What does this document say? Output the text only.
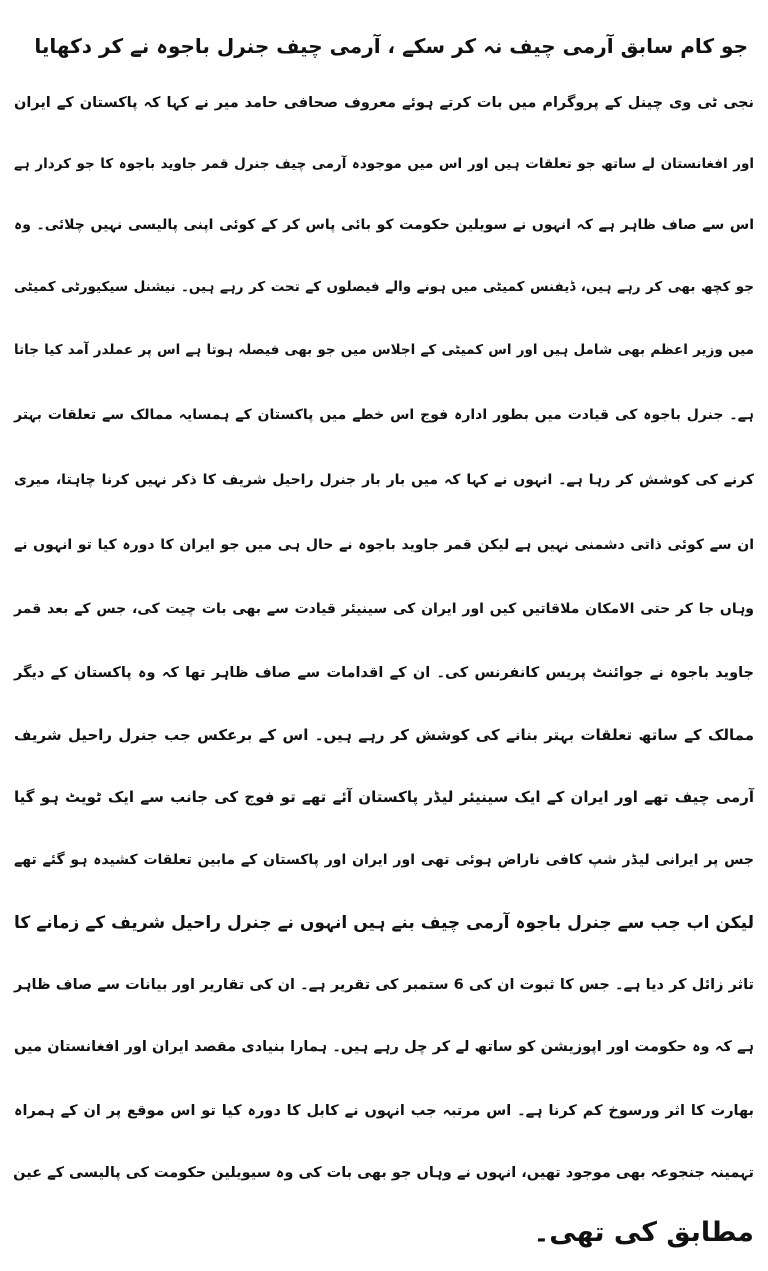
جو کام سابق آرمی چیف نہ کر سکے ، آرمی چیف جنرل باجوہ نے کر دکھایا
نجی ٹی وی چینل کے پروگرام میں بات کرتے ہوئے معروف صحافی حامد میر نے کہا کہ پاکستان کے ایران
اور افغانستان لے ساتھ جو تعلقات ہیں اور اس میں موجودہ آرمی چیف جنرل قمر جاوید باجوہ کا جو کردار ہے
اس سے صاف ظاہر ہے کہ انہوں نے سویلین حکومت کو بائی پاس کر کے کوئی اپنی پالیسی نہیں چلائی۔ وہ
جو کچھ بھی کر رہے ہیں، ڈیفنس کمیٹی میں ہونے والے فیصلوں کے تحت کر رہے ہیں۔ نیشنل سیکیورٹی کمیٹی
میں وزیر اعظم بھی شامل ہیں اور اس کمیٹی کے اجلاس میں جو بھی فیصلہ ہوتا ہے اس پر عملدر آمد کیا جاتا
ہے۔ جنرل باجوہ کی قیادت میں بطور ادارہ فوج اس خطے میں پاکستان کے ہمسایہ ممالک سے تعلقات بہتر
کرنے کی کوشش کر رہا ہے۔ انہوں نے کہا کہ میں بار بار جنرل راحیل شریف کا ذکر نہیں کرنا چاہتا، میری
ان سے کوئی ذاتی دشمنی نہیں ہے لیکن قمر جاوید باجوہ نے حال ہی میں جو ایران کا دورہ کیا تو انہوں نے
وہاں جا کر حتی الامکان ملاقاتیں کیں اور ایران کی سینیئر قیادت سے بھی بات چیت کی، جس کے بعد قمر
جاوید باجوہ نے جوائنٹ پریس کانفرنس کی۔ ان کے اقدامات سے صاف ظاہر تھا کہ وہ پاکستان کے دیگر
ممالک کے ساتھ تعلقات بہتر بنانے کی کوشش کر رہے ہیں۔ اس کے برعکس جب جنرل راحیل شریف
آرمی چیف تھے اور ایران کے ایک سینیئر لیڈر پاکستان آئے تھے تو فوج کی جانب سے ایک ٹویٹ ہو گیا
جس پر ایرانی لیڈر شپ کافی ناراض ہوئی تھی اور ایران اور پاکستان کے مابین تعلقات کشیدہ ہو گئے تھے
لیکن اب جب سے جنرل باجوہ آرمی چیف بنے ہیں انہوں نے جنرل راحیل شریف کے زمانے کا
تاثر زائل کر دیا ہے۔ جس کا ثبوت ان کی 6 ستمبر کی تقریر ہے۔ ان کی تقاریر اور بیانات سے صاف ظاہر
ہے کہ وہ حکومت اور اپوزیشن کو ساتھ لے کر چل رہے ہیں۔ ہمارا بنیادی مقصد ایران اور افغانستان میں
بھارت کا اثر ورسوخ کم کرنا ہے۔ اس مرتبہ جب انہوں نے کابل کا دورہ کیا تو اس موقع پر ان کے ہمراہ
تہمینہ جنجوعہ بھی موجود تھیں، انہوں نے وہاں جو بھی بات کی وہ سیویلین حکومت کی پالیسی کے عین
مطابق کی تھی۔
